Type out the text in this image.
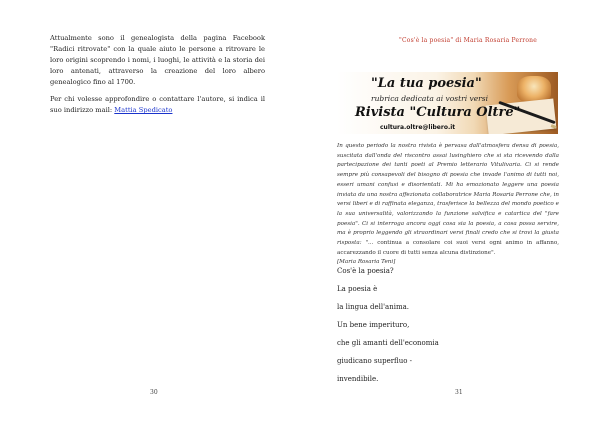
Attualmente sono il genealogista della pagina Facebook "Radici ritrovate" con la quale aiuto le persone a ritrovare le loro origini scoprendo i nomi, i luoghi, le attività e la storia dei loro antenati, attraverso la creazione del loro albero genealogico fino al 1700.

Per chi volesse approfondire o contattare l'autore, si indica il suo indirizzo mail: Mattia Spedicato

30
"Cos'è la poesia" di Maria Rosaria Perrone
31
"La tua poesia"
rubrica dedicata ai vostri versi
Rivista "Cultura Oltre"
cultura.oltre@libero.it
In questo periodo la nostra rivista è pervasa dall'atmosfera densa di poesia, suscitata dall'onda del riscontro assai lusinghiero che si sta ricevendo dalla partecipazione dei tanti poeti al Premio letterario Vitulivaria. Ci si rende sempre più consapevoli del bisogno di poesia che invade l'animo di tutti noi, esseri umani confusi e disorientati. Mi ha emozionato leggere una poesia inviata da una nostra affezionata collaboratrice Maria Rosaria Perrone che, in versi liberi e di raffinata eleganza, trasferisce la bellezza del mondo poetico e la sua universalità, valorizzando la funzione salvifica e catartica del "fare poesia". Ci si interroga ancora oggi cosa sia la poesia, a cosa possa servire, ma è proprio leggendo gli straordinari versi finali credo che si trovi la giusta risposta: "... continua a consolare coi suoi versi ogni animo in affanno, accarezzando il cuore di tutti senza alcuna distinzione".
[Maria Rosaria Teni]
Cos'è la poesia?
La poesia è
la lingua dell'anima.
Un bene imperituro,
che gli amanti dell'economia
giudicano superfluo -
invendibile.
